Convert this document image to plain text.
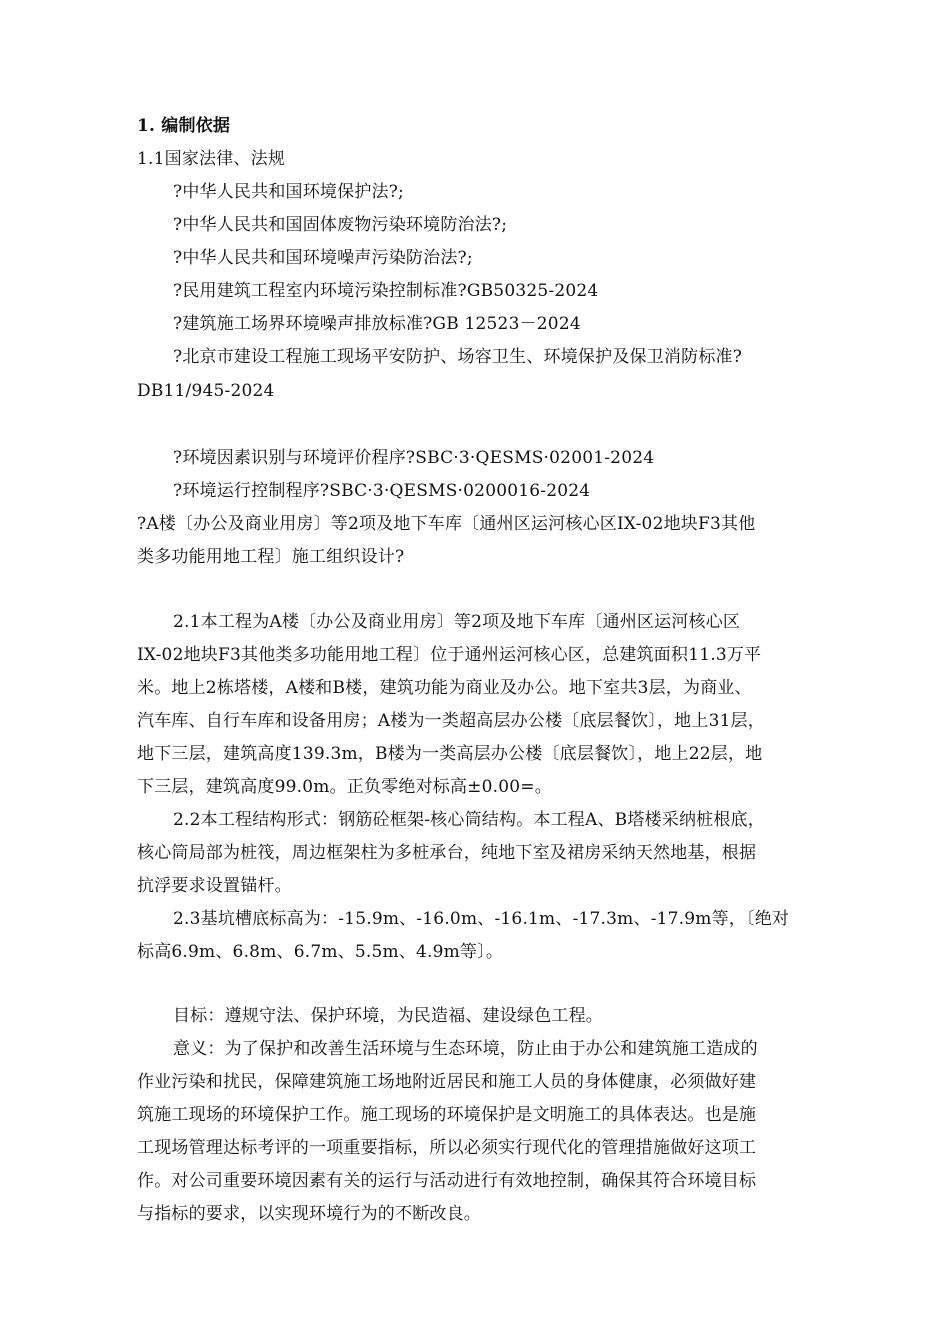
1. 编制依据
1.1国家法律、法规
?中华人民共和国环境保护法?;
?中华人民共和国固体废物污染环境防治法?;
?中华人民共和国环境噪声污染防治法?;
?民用建筑工程室内环境污染控制标准?GB50325-2024
?建筑施工场界环境噪声排放标准?GB 12523－2024
?北京市建设工程施工现场平安防护、场容卫生、环境保护及保卫消防标准?
DB11/945-2024
?环境因素识别与环境评价程序?SBC·3·QESMS·02001-2024
?环境运行控制程序?SBC·3·QESMS·0200016-2024
?A楼〔办公及商业用房〕等2项及地下车库〔通州区运河核心区IX-02地块F3其他
类多功能用地工程〕施工组织设计?
2.1本工程为A楼〔办公及商业用房〕等2项及地下车库〔通州区运河核心区
IX-02地块F3其他类多功能用地工程〕位于通州运河核心区，总建筑面积11.3万平
米。地上2栋塔楼，A楼和B楼，建筑功能为商业及办公。地下室共3层，为商业、
汽车库、自行车库和设备用房；A楼为一类超高层办公楼〔底层餐饮〕，地上31层，
地下三层，建筑高度139.3m，B楼为一类高层办公楼〔底层餐饮〕，地上22层，地
下三层，建筑高度99.0m。正负零绝对标高±0.00=。
2.2本工程结构形式：钢筋砼框架-核心筒结构。本工程A、B塔楼采纳桩根底，
核心筒局部为桩筏，周边框架柱为多桩承台，纯地下室及裙房采纳天然地基，根据
抗浮要求设置锚杆。
2.3基坑槽底标高为：-15.9m、-16.0m、-16.1m、-17.3m、-17.9m等，〔绝对
标高6.9m、6.8m、6.7m、5.5m、4.9m等〕。
目标：遵规守法、保护环境，为民造福、建设绿色工程。
意义：为了保护和改善生活环境与生态环境，防止由于办公和建筑施工造成的
作业污染和扰民，保障建筑施工场地附近居民和施工人员的身体健康，必须做好建
筑施工现场的环境保护工作。施工现场的环境保护是文明施工的具体表达。也是施
工现场管理达标考评的一项重要指标，所以必须实行现代化的管理措施做好这项工
作。对公司重要环境因素有关的运行与活动进行有效地控制，确保其符合环境目标
与指标的要求，以实现环境行为的不断改良。
